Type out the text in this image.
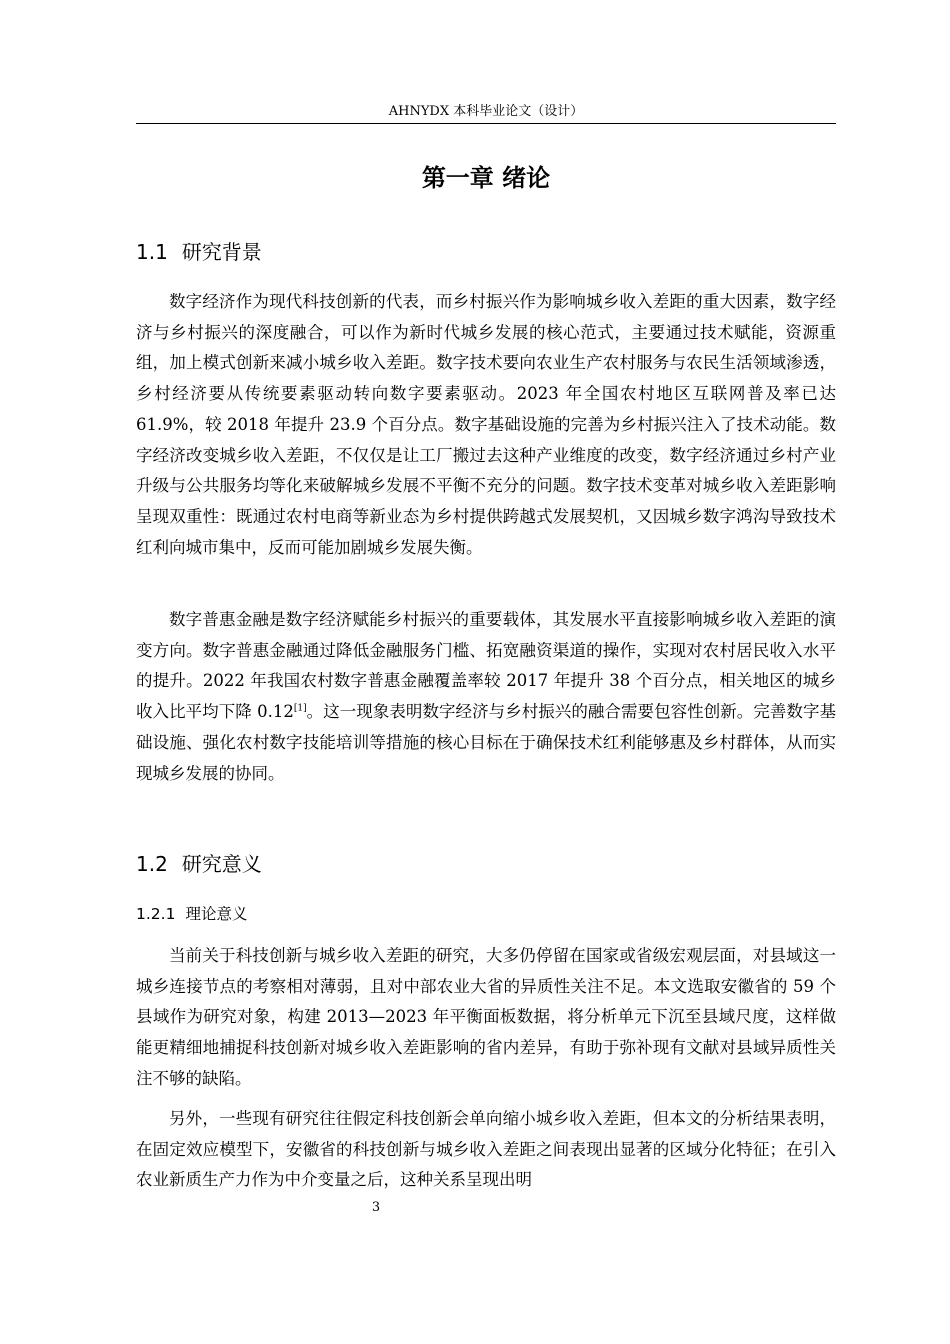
AHNYDX 本科毕业论文（设计）
第一章 绪论
1.1 研究背景

数字经济作为现代科技创新的代表，而乡村振兴作为影响城乡收入差距的重大因素，数字经济与乡村振兴的深度融合，可以作为新时代城乡发展的核心范式，主要通过技术赋能，资源重组，加上模式创新来减小城乡收入差距。数字技术要向农业生产农村服务与农民生活领域渗透，乡村经济要从传统要素驱动转向数字要素驱动。2023 年全国农村地区互联网普及率已达 61.9%，较 2018 年提升 23.9 个百分点。数字基础设施的完善为乡村振兴注入了技术动能。数字经济改变城乡收入差距，不仅仅是让工厂搬过去这种产业维度的改变，数字经济通过乡村产业升级与公共服务均等化来破解城乡发展不平衡不充分的问题。数字技术变革对城乡收入差距影响呈现双重性：既通过农村电商等新业态为乡村提供跨越式发展契机，又因城乡数字鸿沟导致技术红利向城市集中，反而可能加剧城乡发展失衡。

数字普惠金融是数字经济赋能乡村振兴的重要载体，其发展水平直接影响城乡收入差距的演变方向。数字普惠金融通过降低金融服务门槛、拓宽融资渠道的操作，实现对农村居民收入水平的提升。2022 年我国农村数字普惠金融覆盖率较 2017 年提升 38 个百分点，相关地区的城乡收入比平均下降 0.12[1]。这一现象表明数字经济与乡村振兴的融合需要包容性创新。完善数字基础设施、强化农村数字技能培训等措施的核心目标在于确保技术红利能够惠及乡村群体，从而实现城乡发展的协同。

1.2 研究意义
1.2.1 理论意义

当前关于科技创新与城乡收入差距的研究，大多仍停留在国家或省级宏观层面，对县域这一城乡连接节点的考察相对薄弱，且对中部农业大省的异质性关注不足。本文选取安徽省的 59 个县域作为研究对象，构建 2013—2023 年平衡面板数据，将分析单元下沉至县域尺度，这样做能更精细地捕捉科技创新对城乡收入差距影响的省内差异，有助于弥补现有文献对县域异质性关注不够的缺陷。

另外，一些现有研究往往假定科技创新会单向缩小城乡收入差距，但本文的分析结果表明，在固定效应模型下，安徽省的科技创新与城乡收入差距之间表现出显著的区域分化特征；在引入农业新质生产力作为中介变量之后，这种关系呈现出明

3
